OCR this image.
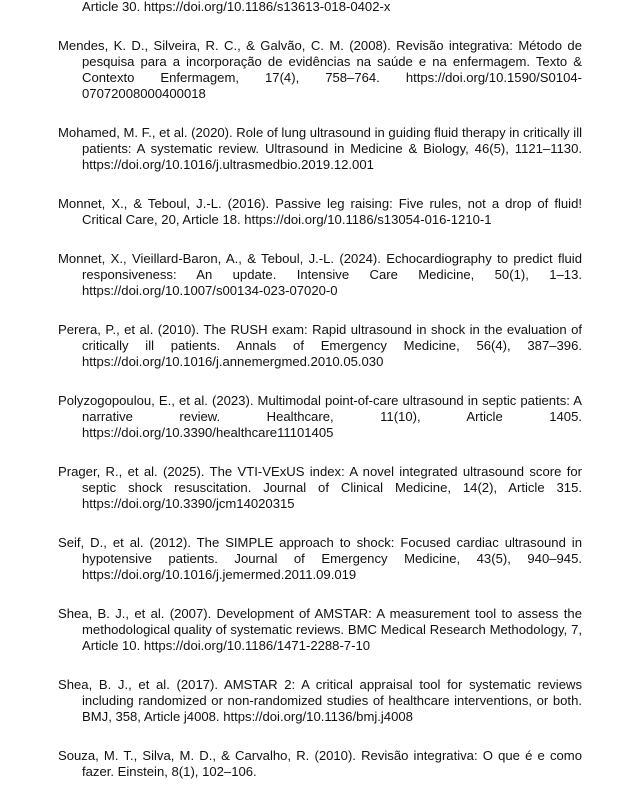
Article 30. https://doi.org/10.1186/s13613-018-0402-x

Mendes, K. D., Silveira, R. C., & Galvão, C. M. (2008). Revisão integrativa: Método de pesquisa para a incorporação de evidências na saúde e na enfermagem. Texto & Contexto Enfermagem, 17(4), 758–764. https://doi.org/10.1590/S0104-07072008000400018

Mohamed, M. F., et al. (2020). Role of lung ultrasound in guiding fluid therapy in critically ill patients: A systematic review. Ultrasound in Medicine & Biology, 46(5), 1121–1130. https://doi.org/10.1016/j.ultrasmedbio.2019.12.001

Monnet, X., & Teboul, J.-L. (2016). Passive leg raising: Five rules, not a drop of fluid! Critical Care, 20, Article 18. https://doi.org/10.1186/s13054-016-1210-1

Monnet, X., Vieillard-Baron, A., & Teboul, J.-L. (2024). Echocardiography to predict fluid responsiveness: An update. Intensive Care Medicine, 50(1), 1–13. https://doi.org/10.1007/s00134-023-07020-0

Perera, P., et al. (2010). The RUSH exam: Rapid ultrasound in shock in the evaluation of critically ill patients. Annals of Emergency Medicine, 56(4), 387–396. https://doi.org/10.1016/j.annemergmed.2010.05.030

Polyzogopoulou, E., et al. (2023). Multimodal point-of-care ultrasound in septic patients: A narrative review. Healthcare, 11(10), Article 1405. https://doi.org/10.3390/healthcare11101405

Prager, R., et al. (2025). The VTI-VExUS index: A novel integrated ultrasound score for septic shock resuscitation. Journal of Clinical Medicine, 14(2), Article 315. https://doi.org/10.3390/jcm14020315

Seif, D., et al. (2012). The SIMPLE approach to shock: Focused cardiac ultrasound in hypotensive patients. Journal of Emergency Medicine, 43(5), 940–945. https://doi.org/10.1016/j.jemermed.2011.09.019

Shea, B. J., et al. (2007). Development of AMSTAR: A measurement tool to assess the methodological quality of systematic reviews. BMC Medical Research Methodology, 7, Article 10. https://doi.org/10.1186/1471-2288-7-10

Shea, B. J., et al. (2017). AMSTAR 2: A critical appraisal tool for systematic reviews including randomized or non-randomized studies of healthcare interventions, or both. BMJ, 358, Article j4008. https://doi.org/10.1136/bmj.j4008

Souza, M. T., Silva, M. D., & Carvalho, R. (2010). Revisão integrativa: O que é e como fazer. Einstein, 8(1), 102–106.
